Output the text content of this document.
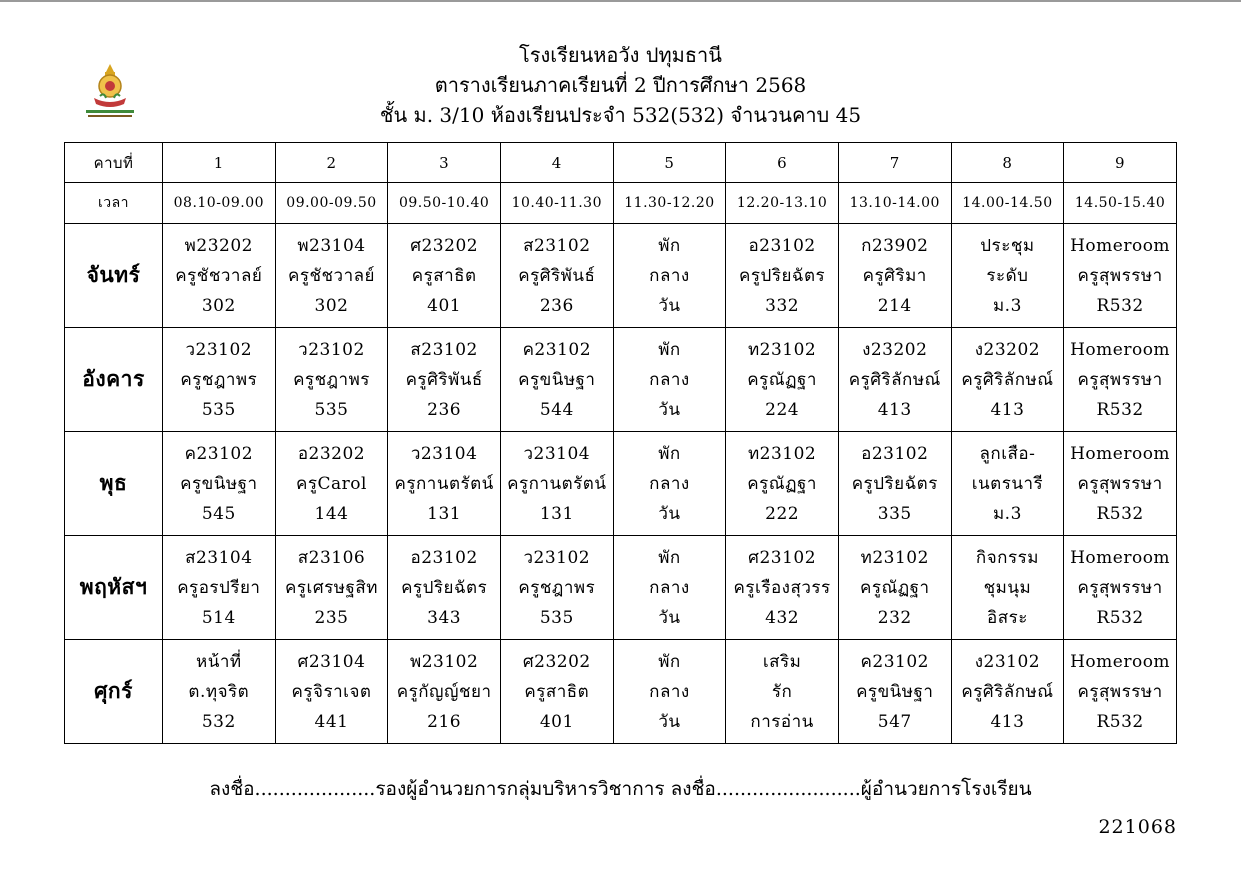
โรงเรียนหอวัง ปทุมธานี
ตารางเรียนภาคเรียนที่ 2 ปีการศึกษา 2568
ชั้น ม. 3/10 ห้องเรียนประจำ 532(532) จำนวนคาบ 45
คาบที่	1	2	3	4	5	6	7	8	9
เวลา	08.10-09.00	09.00-09.50	09.50-10.40	10.40-11.30	11.30-12.20	12.20-13.10	13.10-14.00	14.00-14.50	14.50-15.40
จันทร์	พ23202
ครูชัชวาลย์
302	พ23104
ครูชัชวาลย์
302	ศ23202
ครูสาธิต
401	ส23102
ครูศิริพันธ์
236	พัก
กลาง
วัน	อ23102
ครูปริยฉัตร
332	ก23902
ครูศิริมา
214	ประชุม
ระดับ
ม.3	Homeroom
ครูสุพรรษา
R532

อังคาร	ว23102
ครูชฎาพร
535	ว23102
ครูชฎาพร
535	ส23102
ครูศิริพันธ์
236	ค23102
ครูขนิษฐา
544	พัก
กลาง
วัน	ท23102
ครูณัฏฐา
224	ง23202
ครูศิริลักษณ์
413	ง23202
ครูศิริลักษณ์
413	Homeroom
ครูสุพรรษา
R532

พุธ	ค23102
ครูขนิษฐา
545	อ23202
ครูCarol
144	ว23104
ครูกานตรัตน์
131	ว23104
ครูกานตรัตน์
131	พัก
กลาง
วัน	ท23102
ครูณัฏฐา
222	อ23102
ครูปริยฉัตร
335	ลูกเสือ-
เนตรนารี
ม.3	Homeroom
ครูสุพรรษา
R532

พฤหัสฯ	ส23104
ครูอรปรียา
514	ส23106
ครูเศรษฐสิท
235	อ23102
ครูปริยฉัตร
343	ว23102
ครูชฎาพร
535	พัก
กลาง
วัน	ศ23102
ครูเรืองสุวรร
432	ท23102
ครูณัฏฐา
232	กิจกรรม
ชุมนุม
อิสระ	Homeroom
ครูสุพรรษา
R532

ศุกร์	หน้าที่
ต.ทุจริต
532	ศ23104
ครูจิราเจต
441	พ23102
ครูกัญญ์ชยา
216	ศ23202
ครูสาธิต
401	พัก
กลาง
วัน	เสริม
รัก
การอ่าน	ค23102
ครูขนิษฐา
547	ง23102
ครูศิริลักษณ์
413	Homeroom
ครูสุพรรษา
R532
ลงชื่อ....................รองผู้อำนวยการกลุ่มบริหารวิชาการ ลงชื่อ........................ผู้อำนวยการโรงเรียน
221068
